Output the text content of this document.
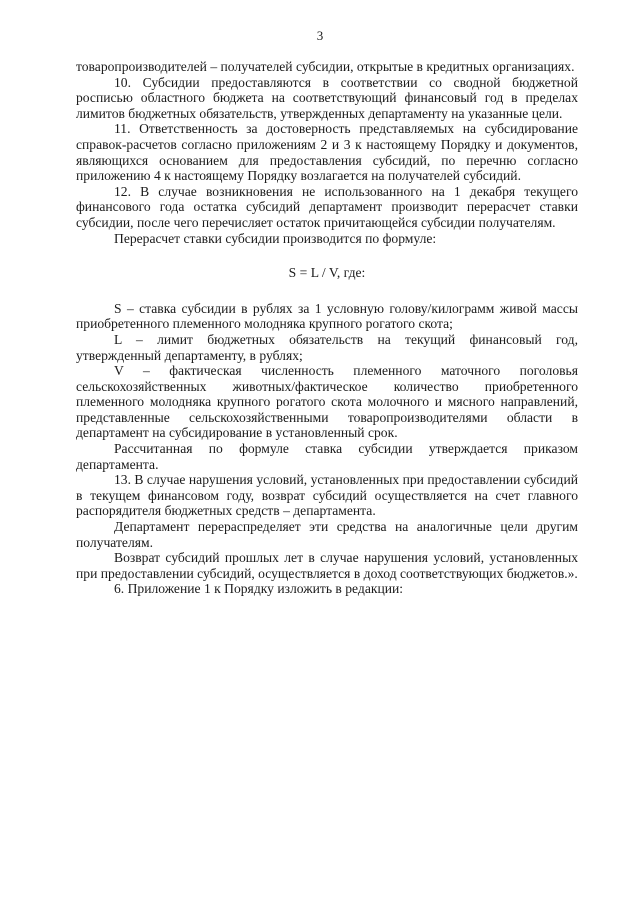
3

товаропроизводителей – получателей субсидии, открытые в кредитных организациях.

10. Субсидии предоставляются в соответствии со сводной бюджетной росписью областного бюджета на соответствующий финансовый год в пределах лимитов бюджетных обязательств, утвержденных департаменту на указанные цели.

11. Ответственность за достоверность представляемых на субсидирование справок-расчетов согласно приложениям 2 и 3 к настоящему Порядку и документов, являющихся основанием для предоставления субсидий, по перечню согласно приложению 4 к настоящему Порядку возлагается на получателей субсидий.

12. В случае возникновения не использованного на 1 декабря текущего финансового года остатка субсидий департамент производит перерасчет ставки субсидии, после чего перечисляет остаток причитающейся субсидии получателям.

Перерасчет ставки субсидии производится по формуле:

S = L / V, где:

S – ставка субсидии в рублях за 1 условную голову/килограмм живой массы приобретенного племенного молодняка крупного рогатого скота;

L – лимит бюджетных обязательств на текущий финансовый год, утвержденный департаменту, в рублях;

V – фактическая численность племенного маточного поголовья сельскохозяйственных животных/фактическое количество приобретенного племенного молодняка крупного рогатого скота молочного и мясного направлений, представленные сельскохозяйственными товаропроизводителями области в департамент на субсидирование в установленный срок.

Рассчитанная по формуле ставка субсидии утверждается приказом департамента.

13. В случае нарушения условий, установленных при предоставлении субсидий в текущем финансовом году, возврат субсидий осуществляется на счет главного распорядителя бюджетных средств – департамента.

Департамент перераспределяет эти средства на аналогичные цели другим получателям.

Возврат субсидий прошлых лет в случае нарушения условий, установленных при предоставлении субсидий, осуществляется в доход соответствующих бюджетов.».

6. Приложение 1 к Порядку изложить в редакции:
